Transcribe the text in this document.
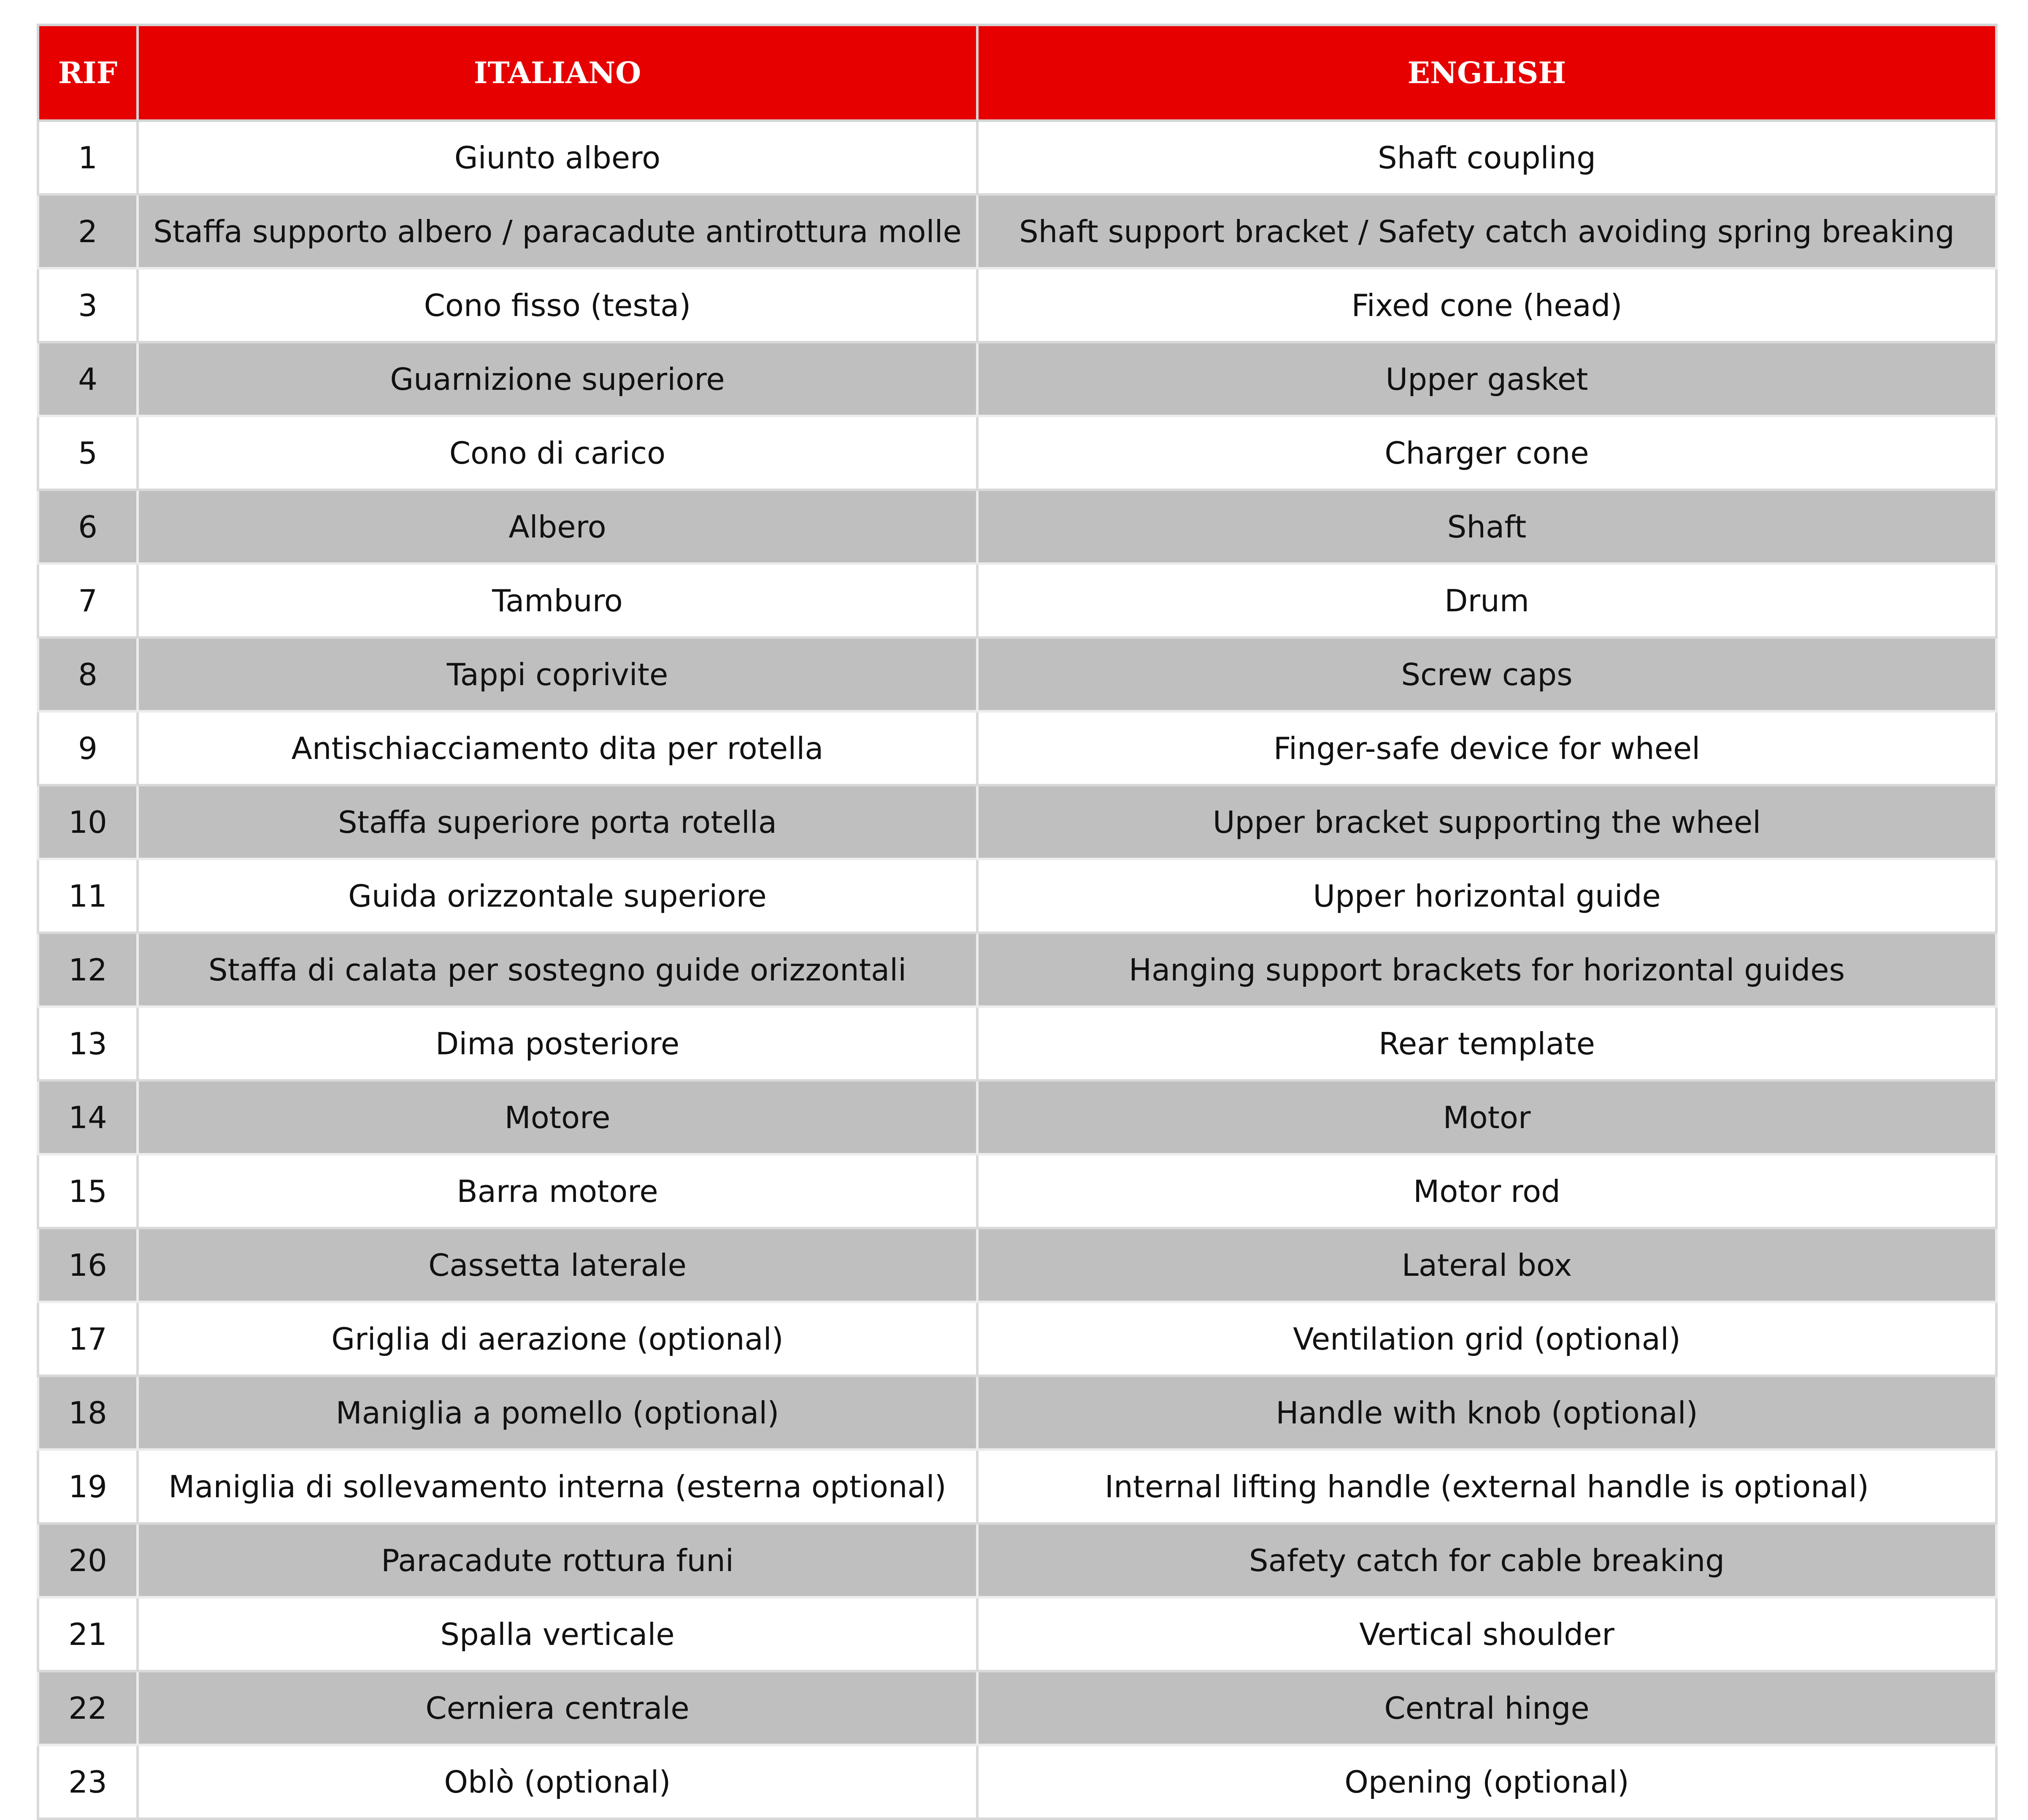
RIF	ITALIANO	ENGLISH
1	Giunto albero	Shaft coupling
2	Staffa supporto albero / paracadute antirottura molle	Shaft support bracket / Safety catch avoiding spring breaking
3	Cono fisso (testa)	Fixed cone (head)
4	Guarnizione superiore	Upper gasket
5	Cono di carico	Charger cone
6	Albero	Shaft
7	Tamburo	Drum
8	Tappi coprivite	Screw caps
9	Antischiacciamento dita per rotella	Finger-safe device for wheel
10	Staffa superiore porta rotella	Upper bracket supporting the wheel
11	Guida orizzontale superiore	Upper horizontal guide
12	Staffa di calata per sostegno guide orizzontali	Hanging support brackets for horizontal guides
13	Dima posteriore	Rear template
14	Motore	Motor
15	Barra motore	Motor rod
16	Cassetta laterale	Lateral box
17	Griglia di aerazione (optional)	Ventilation grid (optional)
18	Maniglia a pomello (optional)	Handle with knob (optional)
19	Maniglia di sollevamento interna (esterna optional)	Internal lifting handle (external handle is optional)
20	Paracadute rottura funi	Safety catch for cable breaking
21	Spalla verticale	Vertical shoulder
22	Cerniera centrale	Central hinge
23	Oblò (optional)	Opening (optional)
